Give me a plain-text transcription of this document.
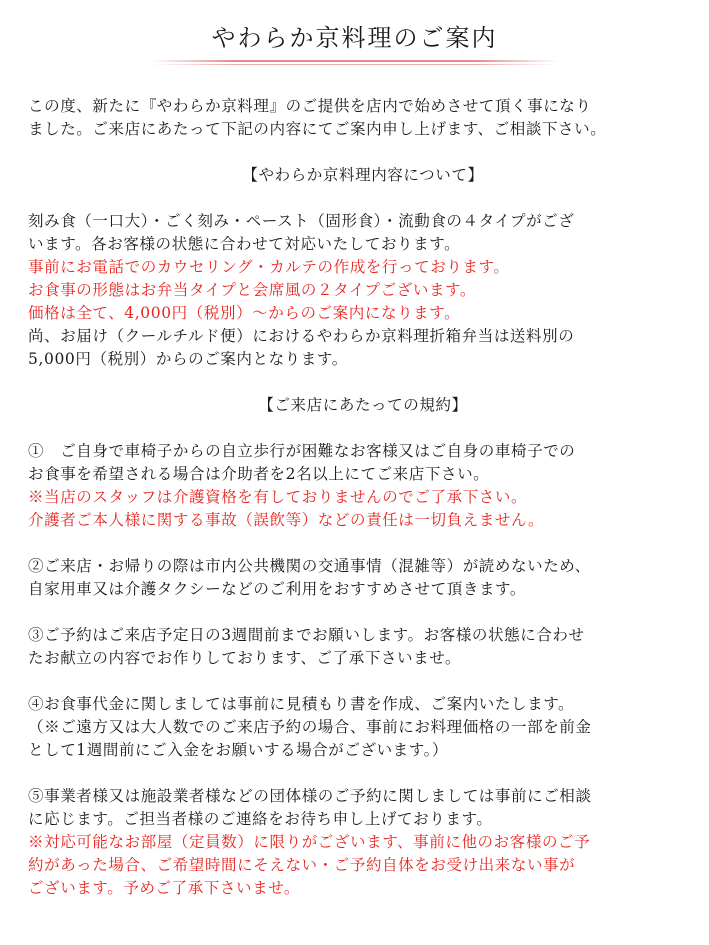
やわらか京料理のご案内
この度、新たに『やわらか京料理』のご提供を店内で始めさせて頂く事になり
ました。ご来店にあたって下記の内容にてご案内申し上げます、ご相談下さい。
【やわらか京料理内容について】
刻み食（一口大）・ごく刻み・ペースト（固形食）・流動食の４タイプがござ
います。各お客様の状態に合わせて対応いたしております。
事前にお電話でのカウセリング・カルテの作成を行っております。
お食事の形態はお弁当タイプと会席風の２タイプございます。
価格は全て、4,000円（税別）～からのご案内になります。
尚、お届け（クールチルド便）におけるやわらか京料理折箱弁当は送料別の
5,000円（税別）からのご案内となります。
【ご来店にあたっての規約】
①　ご自身で車椅子からの自立歩行が困難なお客様又はご自身の車椅子での
お食事を希望される場合は介助者を2名以上にてご来店下さい。
※当店のスタッフは介護資格を有しておりませんのでご了承下さい。
介護者ご本人様に関する事故（誤飲等）などの責任は一切負えません。
②ご来店・お帰りの際は市内公共機関の交通事情（混雑等）が読めないため、
自家用車又は介護タクシーなどのご利用をおすすめさせて頂きます。
③ご予約はご来店予定日の3週間前までお願いします。お客様の状態に合わせ
たお献立の内容でお作りしております、ご了承下さいませ。
④お食事代金に関しましては事前に見積もり書を作成、ご案内いたします。
（※ご遠方又は大人数でのご来店予約の場合、事前にお料理価格の一部を前金
として1週間前にご入金をお願いする場合がございます。）
⑤事業者様又は施設業者様などの団体様のご予約に関しましては事前にご相談
に応じます。ご担当者様のご連絡をお待ち申し上げております。
※対応可能なお部屋（定員数）に限りがございます、事前に他のお客様のご予
約があった場合、ご希望時間にそえない・ご予約自体をお受け出来ない事が
ございます。予めご了承下さいませ。
